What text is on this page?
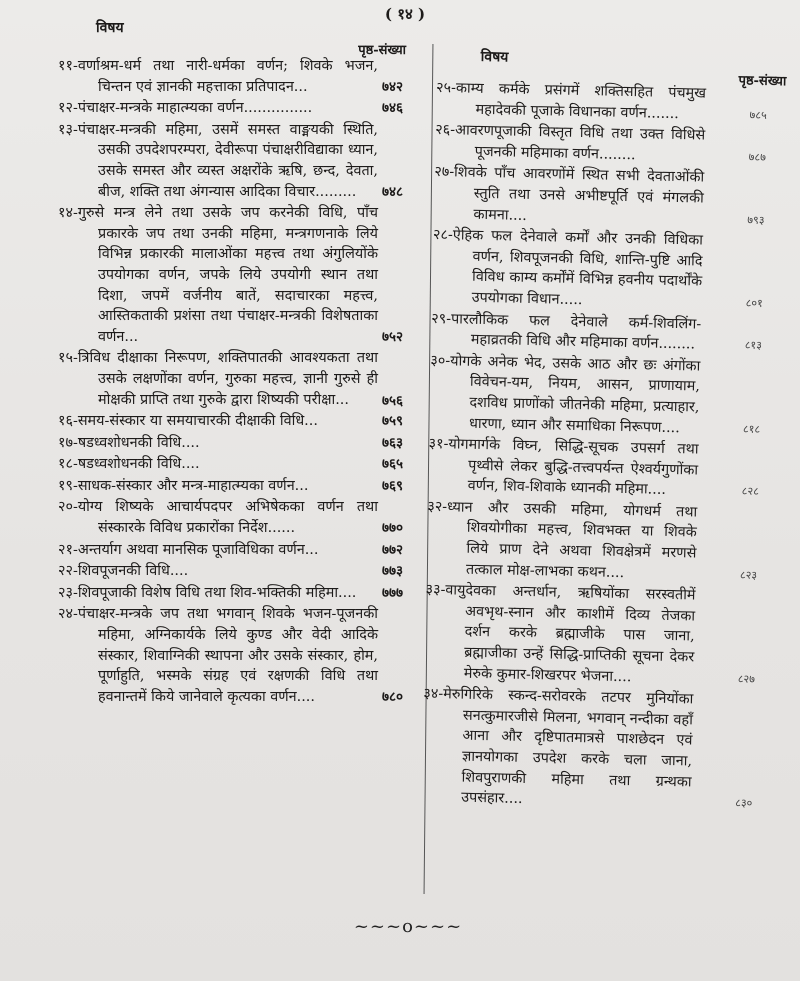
( १४ )
विषय
पृष्ठ-संख्या
११-वर्णाश्रम-धर्म तथा नारी-धर्मका वर्णन; शिवके भजन, चिन्तन एवं ज्ञानकी महत्ताका प्रतिपादन...	७४२
१२-पंचाक्षर-मन्त्रके माहात्म्यका वर्णन...............	७४६
१३-पंचाक्षर-मन्त्रकी महिमा, उसमें समस्त वाङ्मयकी स्थिति, उसकी उपदेशपरम्परा, देवीरूपा पंचाक्षरीविद्याका ध्यान, उसके समस्त और व्यस्त अक्षरोंके ऋषि, छन्द, देवता, बीज, शक्ति तथा अंगन्यास आदिका विचार......... ७४८
१४-गुरुसे मन्त्र लेने तथा उसके जप करनेकी विधि, पाँच प्रकारके जप तथा उनकी महिमा, मन्त्रगणनाके लिये विभिन्न प्रकारकी मालाओंका महत्त्व तथा अंगुलियोंके उपयोगका वर्णन, जपके लिये उपयोगी स्थान तथा दिशा, जपमें वर्जनीय बातें, सदाचारका महत्त्व, आस्तिकताकी प्रशंसा तथा पंचाक्षर-मन्त्रकी विशेषताका वर्णन...	७५२
१५-त्रिविध दीक्षाका निरूपण, शक्तिपातकी आवश्यकता तथा उसके लक्षणोंका वर्णन, गुरुका महत्त्व, ज्ञानी गुरुसे ही मोक्षकी प्राप्ति तथा गुरुके द्वारा शिष्यकी परीक्षा...	७५६
१६-समय-संस्कार या समयाचारकी दीक्षाकी विधि...	७५९
१७-षडध्वशोधनकी विधि....	७६३
१८-षडध्वशोधनकी विधि....	७६५
१९-साधक-संस्कार और मन्त्र-माहात्म्यका वर्णन...	७६९
२०-योग्य शिष्यके आचार्यपदपर अभिषेकका वर्णन तथा संस्कारके विविध प्रकारोंका निर्देश......	७७०
२१-अन्तर्याग अथवा मानसिक पूजाविधिका वर्णन...	७७२
२२-शिवपूजनकी विधि....	७७३
२३-शिवपूजाकी विशेष विधि तथा शिव-भक्तिकी महिमा.... ७७७
२४-पंचाक्षर-मन्त्रके जप तथा भगवान् शिवके भजन-पूजनकी महिमा, अग्निकार्यके लिये कुण्ड और वेदी आदिके संस्कार, शिवाग्निकी स्थापना और उसके संस्कार, होम, पूर्णाहुति, भस्मके संग्रह एवं रक्षणकी विधि तथा हवनान्तमें किये जानेवाले कृत्यका वर्णन....	७८०
विषय
पृष्ठ-संख्या
२५-काम्य कर्मके प्रसंगमें शक्तिसहित पंचमुख महादेवकी पूजाके विधानका वर्णन.......	७८५
२६-आवरणपूजाकी विस्तृत विधि तथा उक्त विधिसे पूजनकी महिमाका वर्णन........	७८७
२७-शिवके पाँच आवरणोंमें स्थित सभी देवताओंकी स्तुति तथा उनसे अभीष्टपूर्ति एवं मंगलकी कामना....	७९३
२८-ऐहिक फल देनेवाले कर्मों और उनकी विधिका वर्णन, शिवपूजनकी विधि, शान्ति-पुष्टि आदि विविध काम्य कर्मोंमें विभिन्न हवनीय पदार्थोंके उपयोगका विधान.....	८०१
२९-पारलौकिक फल देनेवाले कर्म-शिवलिंग-महाव्रतकी विधि और महिमाका वर्णन........	८१३
३०-योगके अनेक भेद, उसके आठ और छः अंगोंका विवेचन-यम, नियम, आसन, प्राणायाम, दशविध प्राणोंको जीतनेकी महिमा, प्रत्याहार, धारणा, ध्यान और समाधिका निरूपण....	८१८
३१-योगमार्गके विघ्न, सिद्धि-सूचक उपसर्ग तथा पृथ्वीसे लेकर बुद्धि-तत्त्वपर्यन्त ऐश्वर्यगुणोंका वर्णन, शिव-शिवाके ध्यानकी महिमा....	८२८
३२-ध्यान और उसकी महिमा, योगधर्म तथा शिवयोगीका महत्त्व, शिवभक्त या शिवके लिये प्राण देने अथवा शिवक्षेत्रमें मरणसे तत्काल मोक्ष-लाभका कथन....	८२३
३३-वायुदेवका अन्तर्धान, ऋषियोंका सरस्वतीमें अवभृथ-स्नान और काशीमें दिव्य तेजका दर्शन करके ब्रह्माजीके पास जाना, ब्रह्माजीका उन्हें सिद्धि-प्राप्तिकी सूचना देकर मेरुके कुमार-शिखरपर भेजना....	८२७
३४-मेरुगिरिके स्कन्द-सरोवरके तटपर मुनियोंका सनत्कुमारजीसे मिलना, भगवान् नन्दीका वहाँ आना और दृष्टिपातमात्रसे पाशछेदन एवं ज्ञानयोगका उपदेश करके चला जाना, शिवपुराणकी महिमा तथा ग्रन्थका उपसंहार....	८३०
~~~o~~~
